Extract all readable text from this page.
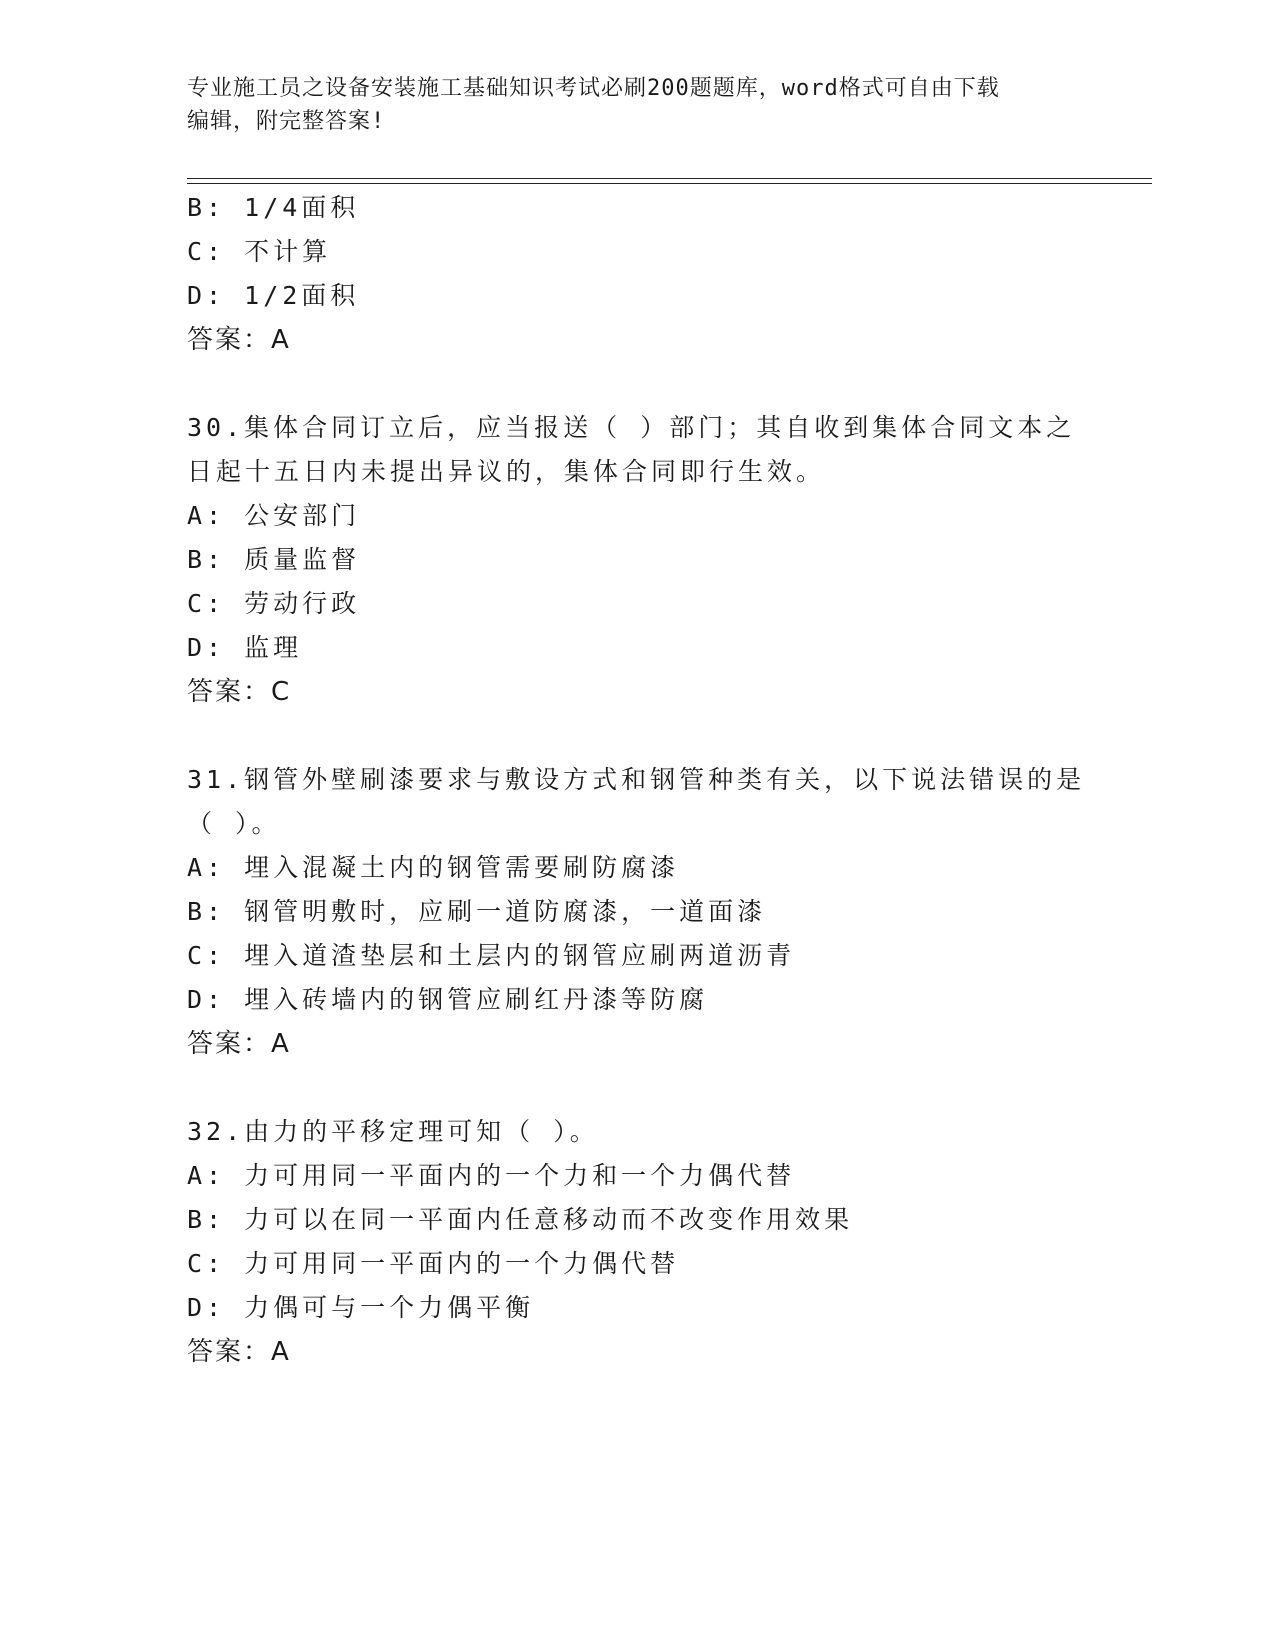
专业施工员之设备安装施工基础知识考试必刷200题题库，word格式可自由下载
编辑，附完整答案!
B: 1/4面积
C: 不计算
D: 1/2面积
答案：A
30.集体合同订立后，应当报送（ ）部门；其自收到集体合同文本之
日起十五日内未提出异议的，集体合同即行生效。
A: 公安部门
B: 质量监督
C: 劳动行政
D: 监理
答案：C
31.钢管外壁刷漆要求与敷设方式和钢管种类有关，以下说法错误的是
（ ）。
A: 埋入混凝土内的钢管需要刷防腐漆
B: 钢管明敷时，应刷一道防腐漆，一道面漆
C: 埋入道渣垫层和土层内的钢管应刷两道沥青
D: 埋入砖墙内的钢管应刷红丹漆等防腐
答案：A
32.由力的平移定理可知（ ）。
A: 力可用同一平面内的一个力和一个力偶代替
B: 力可以在同一平面内任意移动而不改变作用效果
C: 力可用同一平面内的一个力偶代替
D: 力偶可与一个力偶平衡
答案：A
